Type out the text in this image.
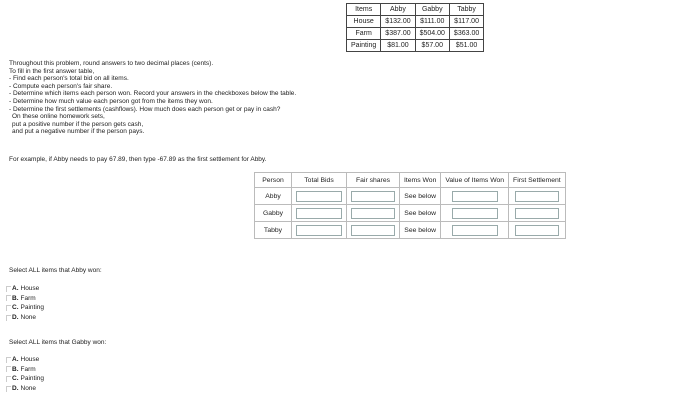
Items	Abby	Gabby	Tabby
House	$132.00	$111.00	$117.00
Farm	$387.00	$504.00	$363.00
Painting	$81.00	$57.00	$51.00
Throughout this problem, round answers to two decimal places (cents).
To fill in the first answer table,
- Find each person's total bid on all items.
- Compute each person's fair share.
- Determine which items each person won. Record your answers in the checkboxes below the table.
- Determine how much value each person got from the items they won.
- Determine the first settlements (cashflows). How much does each person get or pay in cash?
On these online homework sets,
put a positive number if the person gets cash,
and put a negative number if the person pays.
For example, if Abby needs to pay 67.89, then type -67.89 as the first settlement for Abby.
Person	Total Bids	Fair shares	Items Won	Value of Items Won	First Settlement
Abby			See below		
Gabby			See below		
Tabby			See below		
Select ALL items that Abby won:
A. House
B. Farm
C. Painting
D. None
Select ALL items that Gabby won:
A. House
B. Farm
C. Painting
D. None
